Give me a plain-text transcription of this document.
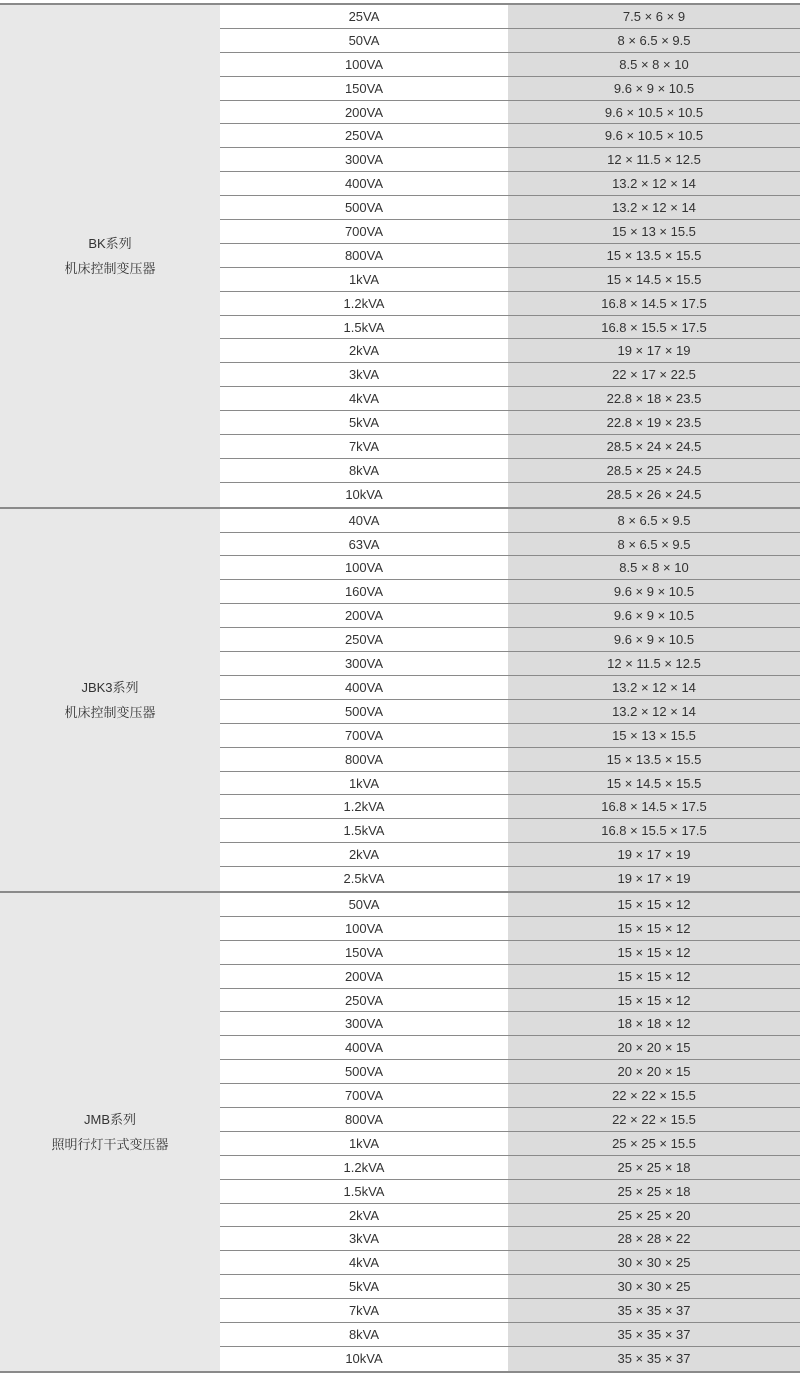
BK系列
机床控制变压器
25VA	7.5 × 6 × 9
50VA	8 × 6.5 × 9.5
100VA	8.5 × 8 × 10
150VA	9.6 × 9 × 10.5
200VA	9.6 × 10.5 × 10.5
250VA	9.6 × 10.5 × 10.5
300VA	12 × 11.5 × 12.5
400VA	13.2 × 12 × 14
500VA	13.2 × 12 × 14
700VA	15 × 13 × 15.5
800VA	15 × 13.5 × 15.5
1kVA	15 × 14.5 × 15.5
1.2kVA	16.8 × 14.5 × 17.5
1.5kVA	16.8 × 15.5 × 17.5
2kVA	19 × 17 × 19
3kVA	22 × 17 × 22.5
4kVA	22.8 × 18 × 23.5
5kVA	22.8 × 19 × 23.5
7kVA	28.5 × 24 × 24.5
8kVA	28.5 × 25 × 24.5
10kVA	28.5 × 26 × 24.5
JBK3系列
机床控制变压器
40VA	8 × 6.5 × 9.5
63VA	8 × 6.5 × 9.5
100VA	8.5 × 8 × 10
160VA	9.6 × 9 × 10.5
200VA	9.6 × 9 × 10.5
250VA	9.6 × 9 × 10.5
300VA	12 × 11.5 × 12.5
400VA	13.2 × 12 × 14
500VA	13.2 × 12 × 14
700VA	15 × 13 × 15.5
800VA	15 × 13.5 × 15.5
1kVA	15 × 14.5 × 15.5
1.2kVA	16.8 × 14.5 × 17.5
1.5kVA	16.8 × 15.5 × 17.5
2kVA	19 × 17 × 19
2.5kVA	19 × 17 × 19
JMB系列
照明行灯干式变压器
50VA	15 × 15 × 12
100VA	15 × 15 × 12
150VA	15 × 15 × 12
200VA	15 × 15 × 12
250VA	15 × 15 × 12
300VA	18 × 18 × 12
400VA	20 × 20 × 15
500VA	20 × 20 × 15
700VA	22 × 22 × 15.5
800VA	22 × 22 × 15.5
1kVA	25 × 25 × 15.5
1.2kVA	25 × 25 × 18
1.5kVA	25 × 25 × 18
2kVA	25 × 25 × 20
3kVA	28 × 28 × 22
4kVA	30 × 30 × 25
5kVA	30 × 30 × 25
7kVA	35 × 35 × 37
8kVA	35 × 35 × 37
10kVA	35 × 35 × 37
